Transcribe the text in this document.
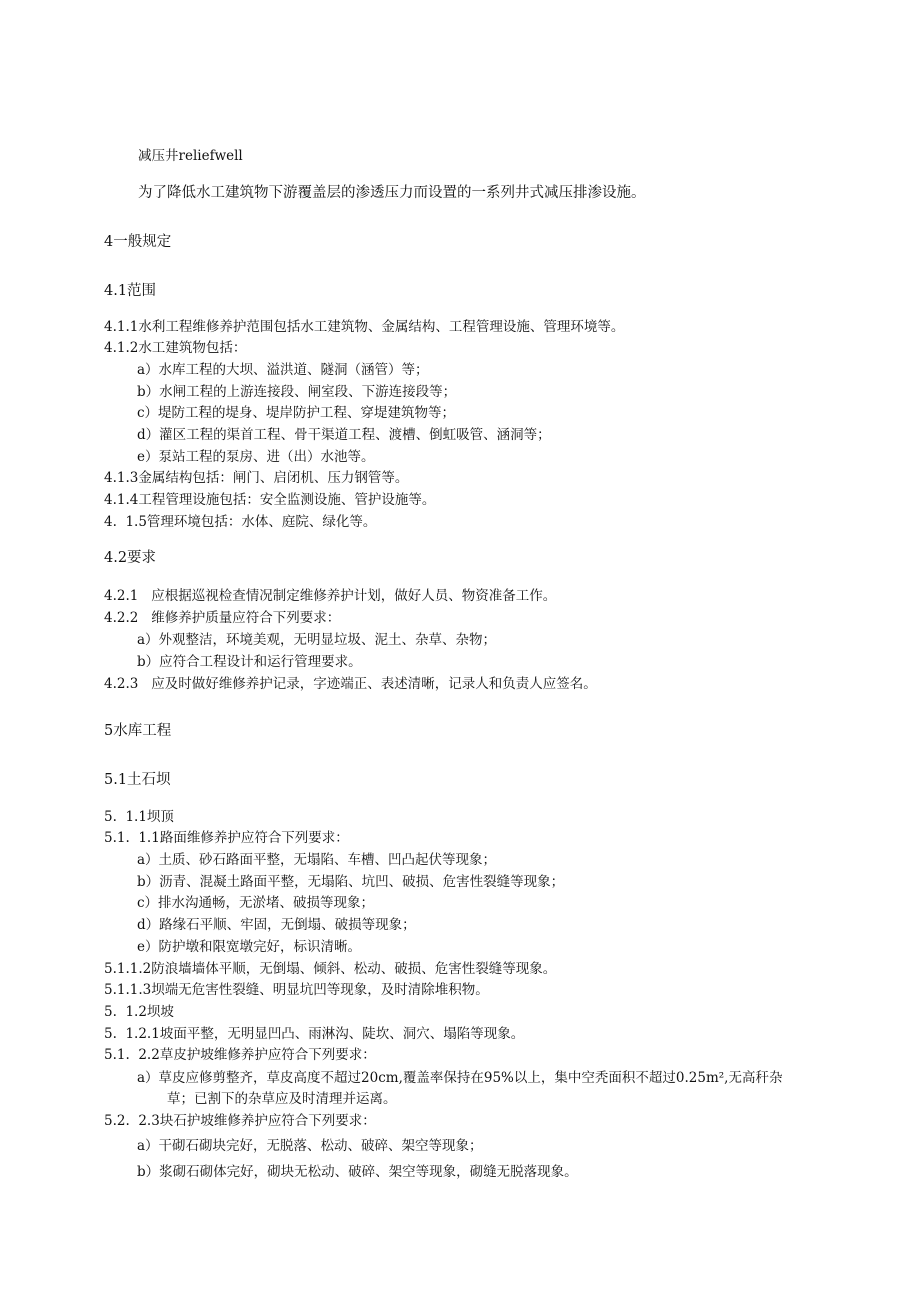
减压井reliefwell
为了降低水工建筑物下游覆盖层的渗透压力而设置的一系列井式减压排渗设施。
4一般规定
4.1范围
4.1.1水利工程维修养护范围包括水工建筑物、金属结构、工程管理设施、管理环境等。
4.1.2水工建筑物包括：
a）水库工程的大坝、溢洪道、隧洞（涵管）等；
b）水闸工程的上游连接段、闸室段、下游连接段等；
c）堤防工程的堤身、堤岸防护工程、穿堤建筑物等；
d）灌区工程的渠首工程、骨干渠道工程、渡槽、倒虹吸管、涵洞等；
e）泵站工程的泵房、进（出）水池等。
4.1.3金属结构包括：闸门、启闭机、压力钢管等。
4.1.4工程管理设施包括：安全监测设施、管护设施等。
4.  1.5管理环境包括：水体、庭院、绿化等。
4.2要求
4.2.1   应根据巡视检查情况制定维修养护计划，做好人员、物资准备工作。
4.2.2   维修养护质量应符合下列要求：
a）外观整洁，环境美观，无明显垃圾、泥土、杂草、杂物；
b）应符合工程设计和运行管理要求。
4.2.3   应及时做好维修养护记录，字迹端正、表述清晰，记录人和负责人应签名。
5水库工程
5.1土石坝
5.  1.1坝顶
5.1.  1.1路面维修养护应符合下列要求：
a）土质、砂石路面平整，无塌陷、车槽、凹凸起伏等现象；
b）沥青、混凝土路面平整，无塌陷、坑凹、破损、危害性裂缝等现象；
c）排水沟通畅，无淤堵、破损等现象；
d）路缘石平顺、牢固，无倒塌、破损等现象；
e）防护墩和限宽墩完好，标识清晰。
5.1.1.2防浪墙墙体平顺，无倒塌、倾斜、松动、破损、危害性裂缝等现象。
5.1.1.3坝端无危害性裂缝、明显坑凹等现象，及时清除堆积物。
5.  1.2坝坡
5.  1.2.1坡面平整，无明显凹凸、雨淋沟、陡坎、洞穴、塌陷等现象。
5.1.  2.2草皮护坡维修养护应符合下列要求：
a）草皮应修剪整齐，草皮高度不超过20cm,覆盖率保持在95%以上，集中空秃面积不超过0.25m²,无高秆杂
草；已割下的杂草应及时清理并运离。
5.2.  2.3块石护坡维修养护应符合下列要求：
a）干砌石砌块完好，无脱落、松动、破碎、架空等现象；
b）浆砌石砌体完好，砌块无松动、破碎、架空等现象，砌缝无脱落现象。
